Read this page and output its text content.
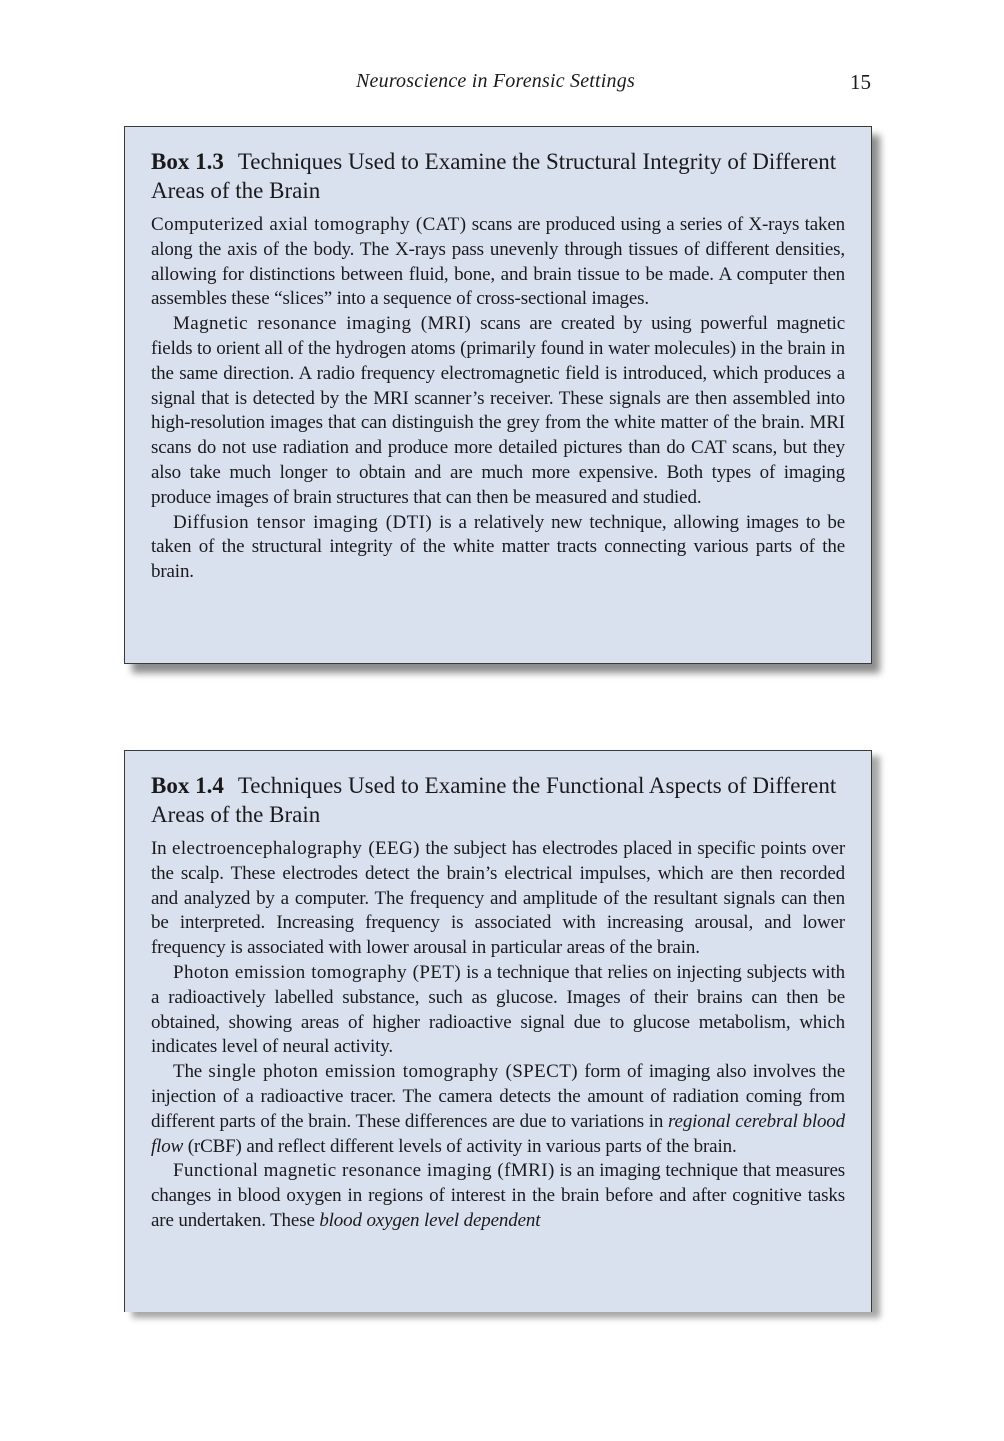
Neuroscience in Forensic Settings	15
Box 1.3 Techniques Used to Examine the Structural Integrity of Different Areas of the Brain

Computerized axial tomography (CAT) scans are produced using a series of X-rays taken along the axis of the body. The X-rays pass unevenly through tissues of different densities, allowing for distinctions between fluid, bone, and brain tissue to be made. A computer then assembles these “slices” into a sequence of cross-sectional images.

Magnetic resonance imaging (MRI) scans are created by using powerful magnetic fields to orient all of the hydrogen atoms (primarily found in water molecules) in the brain in the same direction. A radio frequency electromagnetic field is introduced, which produces a signal that is detected by the MRI scanner’s receiver. These signals are then assembled into high-resolution images that can distinguish the grey from the white matter of the brain. MRI scans do not use radiation and produce more detailed pictures than do CAT scans, but they also take much longer to obtain and are much more expensive. Both types of imaging produce images of brain structures that can then be measured and studied.

Diffusion tensor imaging (DTI) is a relatively new technique, allowing images to be taken of the structural integrity of the white matter tracts connecting various parts of the brain.

Box 1.4 Techniques Used to Examine the Functional Aspects of Different Areas of the Brain

In electroencephalography (EEG) the subject has electrodes placed in specific points over the scalp. These electrodes detect the brain’s electrical impulses, which are then recorded and analyzed by a computer. The frequency and amplitude of the resultant signals can then be interpreted. Increasing frequency is associated with increasing arousal, and lower frequency is associated with lower arousal in particular areas of the brain.

Photon emission tomography (PET) is a technique that relies on injecting subjects with a radioactively labelled substance, such as glucose. Images of their brains can then be obtained, showing areas of higher radioactive signal due to glucose metabolism, which indicates level of neural activity.

The single photon emission tomography (SPECT) form of imaging also involves the injection of a radioactive tracer. The camera detects the amount of radiation coming from different parts of the brain. These differences are due to variations in regional cerebral blood flow (rCBF) and reflect different levels of activity in various parts of the brain.

Functional magnetic resonance imaging (fMRI) is an imaging technique that measures changes in blood oxygen in regions of interest in the brain before and after cognitive tasks are undertaken. These blood oxygen level dependent
